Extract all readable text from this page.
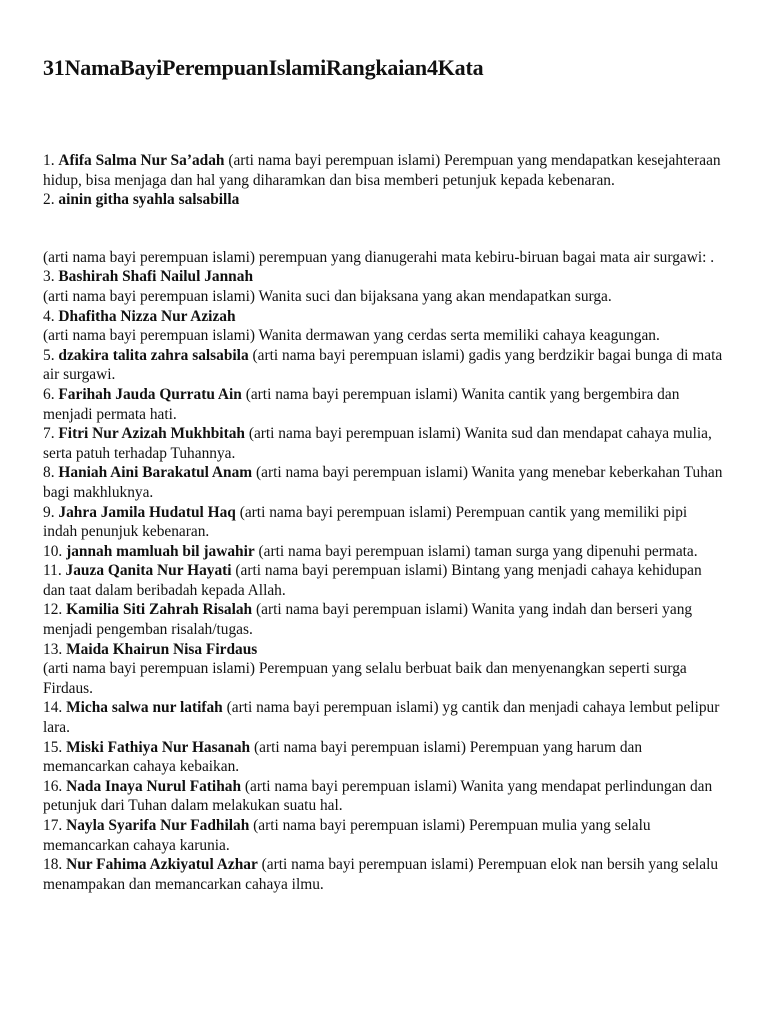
31NamaBayiPerempuanIslamiRangkaian4Kata

1. Afifa Salma Nur Sa’adah (arti nama bayi perempuan islami) Perempuan yang mendapatkan kesejahteraan hidup, bisa menjaga dan hal yang diharamkan dan bisa memberi petunjuk kepada kebenaran.

2. ainin githa syahla salsabilla

(arti nama bayi perempuan islami) perempuan yang dianugerahi mata kebiru-biruan bagai mata air surgawi: .

3. Bashirah Shafi Nailul Jannah
(arti nama bayi perempuan islami) Wanita suci dan bijaksana yang akan mendapatkan surga.

4. Dhafitha Nizza Nur Azizah
(arti nama bayi perempuan islami) Wanita dermawan yang cerdas serta memiliki cahaya keagungan.

5. dzakira talita zahra salsabila (arti nama bayi perempuan islami) gadis yang berdzikir bagai bunga di mata air surgawi.

6. Farihah Jauda Qurratu Ain (arti nama bayi perempuan islami) Wanita cantik yang bergembira dan menjadi permata hati.

7. Fitri Nur Azizah Mukhbitah (arti nama bayi perempuan islami) Wanita sud dan mendapat cahaya mulia, serta patuh terhadap Tuhannya.

8. Haniah Aini Barakatul Anam (arti nama bayi perempuan islami) Wanita yang menebar keberkahan Tuhan bagi makhluknya.

9. Jahra Jamila Hudatul Haq (arti nama bayi perempuan islami) Perempuan cantik yang memiliki pipi indah penunjuk kebenaran.

10. jannah mamluah bil jawahir (arti nama bayi perempuan islami) taman surga yang dipenuhi permata.

11. Jauza Qanita Nur Hayati (arti nama bayi perempuan islami) Bintang yang menjadi cahaya kehidupan dan taat dalam beribadah kepada Allah.

12. Kamilia Siti Zahrah Risalah (arti nama bayi perempuan islami) Wanita yang indah dan berseri yang menjadi pengemban risalah/tugas.

13. Maida Khairun Nisa Firdaus
(arti nama bayi perempuan islami) Perempuan yang selalu berbuat baik dan menyenangkan seperti surga Firdaus.

14. Micha salwa nur latifah (arti nama bayi perempuan islami) yg cantik dan menjadi cahaya lembut pelipur lara.

15. Miski Fathiya Nur Hasanah (arti nama bayi perempuan islami) Perempuan yang harum dan memancarkan cahaya kebaikan.

16. Nada Inaya Nurul Fatihah (arti nama bayi perempuan islami) Wanita yang mendapat perlindungan dan petunjuk dari Tuhan dalam melakukan suatu hal.

17. Nayla Syarifa Nur Fadhilah (arti nama bayi perempuan islami) Perempuan mulia yang selalu memancarkan cahaya karunia.

18. Nur Fahima Azkiyatul Azhar (arti nama bayi perempuan islami) Perempuan elok nan bersih yang selalu menampakan dan memancarkan cahaya ilmu.
